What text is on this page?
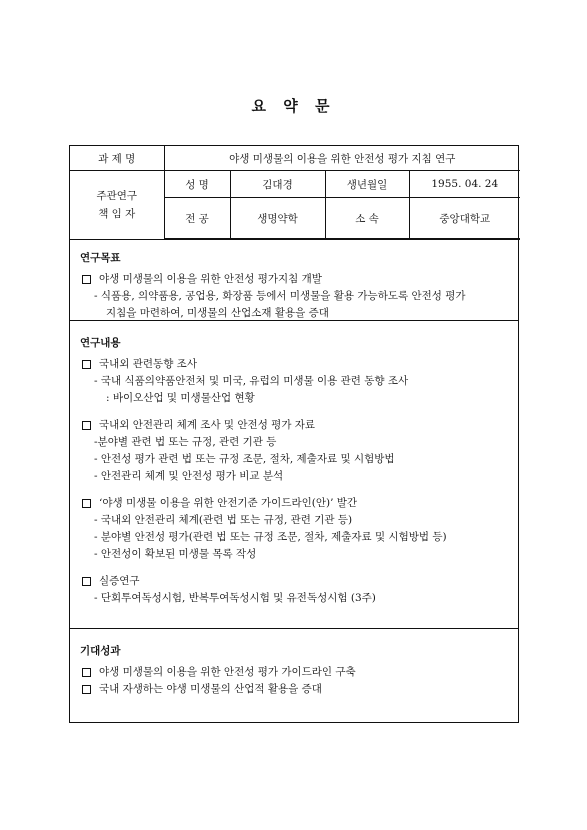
요 약 문
과 제 명	야생 미생물의 이용을 위한 안전성 평가 지침 연구			

주관연구
책 임 자	성 명	김대경	생년월일	1955. 04. 24
	전 공	생명약학	소 속	중앙대학교
연구목표
야생 미생물의 이용을 위한 안전성 평가지침 개발
- 식품용, 의약품용, 공업용, 화장품 등에서 미생물을 활용 가능하도록 안전성 평가
지침을 마련하여, 미생물의 산업소재 활용을 증대
연구내용
국내외 관련동향 조사
- 국내 식품의약품안전처 및 미국, 유럽의 미생물 이용 관련 동향 조사
: 바이오산업 및 미생물산업 현황
국내외 안전관리 체계 조사 및 안전성 평가 자료
-분야별 관련 법 또는 규정, 관련 기관 등
- 안전성 평가 관련 법 또는 규정 조문, 절차, 제출자료 및 시험방법
- 안전관리 체계 및 안전성 평가 비교 분석
‘야생 미생물 이용을 위한 안전기준 가이드라인(안)’ 발간
- 국내외 안전관리 체계(관련 법 또는 규정, 관련 기관 등)
- 분야별 안전성 평가(관련 법 또는 규정 조문, 절차, 제출자료 및 시험방법 등)
- 안전성이 확보된 미생물 목록 작성
실증연구
- 단회투여독성시험, 반복투여독성시험 및 유전독성시험 (3주)
기대성과
야생 미생물의 이용을 위한 안전성 평가 가이드라인 구축
국내 자생하는 야생 미생물의 산업적 활용을 증대
